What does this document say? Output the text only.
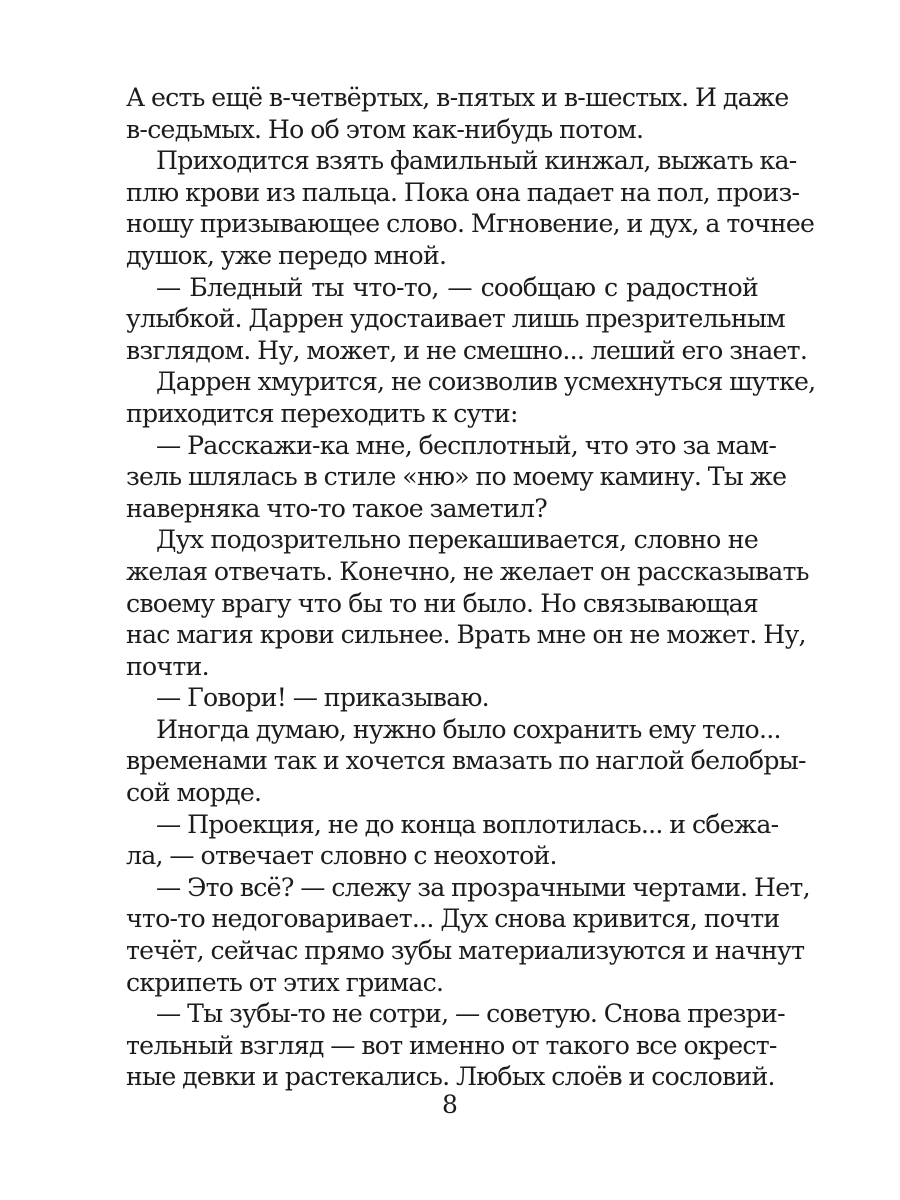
А есть ещё в-четвёртых, в-пятых и в-шестых. И даже
в-седьмых. Но об этом как-нибудь потом.
Приходится взять фамильный кинжал, выжать ка-
плю крови из пальца. Пока она падает на пол, произ-
ношу призывающее слово. Мгновение, и дух, а точнее
душок, уже передо мной.
— Бледный ты что-то, — сообщаю с радостной
улыбкой. Даррен удостаивает лишь презрительным
взглядом. Ну, может, и не смешно... леший его знает.
Даррен хмурится, не соизволив усмехнуться шутке,
приходится переходить к сути:
— Расскажи-ка мне, бесплотный, что это за мам-
зель шлялась в стиле «ню» по моему камину. Ты же
наверняка что-то такое заметил?
Дух подозрительно перекашивается, словно не
желая отвечать. Конечно, не желает он рассказывать
своему врагу что бы то ни было. Но связывающая
нас магия крови сильнее. Врать мне он не может. Ну,
почти.
— Говори! — приказываю.
Иногда думаю, нужно было сохранить ему тело...
временами так и хочется вмазать по наглой белобры-
сой морде.
— Проекция, не до конца воплотилась... и сбежа-
ла, — отвечает словно с неохотой.
— Это всё? — слежу за прозрачными чертами. Нет,
что-то недоговаривает... Дух снова кривится, почти
течёт, сейчас прямо зубы материализуются и начнут
скрипеть от этих гримас.
— Ты зубы-то не сотри, — советую. Снова презри-
тельный взгляд — вот именно от такого все окрест-
ные девки и растекались. Любых слоёв и сословий.
8
